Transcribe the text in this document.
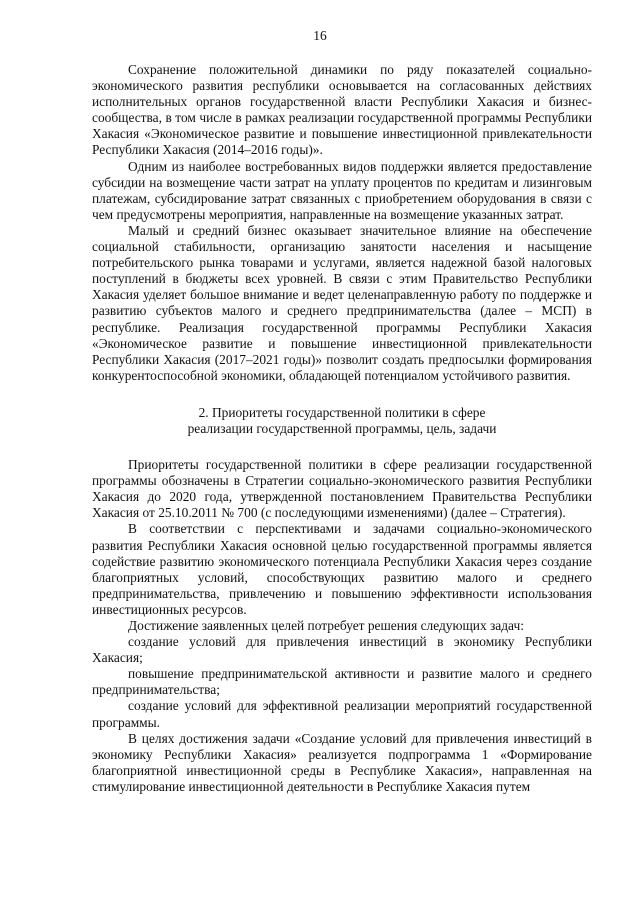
16

Сохранение положительной динамики по ряду показателей социально-экономического развития республики основывается на согласованных действиях исполнительных органов государственной власти Республики Хакасия и бизнес-сообщества, в том числе в рамках реализации государственной программы Республики Хакасия «Экономическое развитие и повышение инвестиционной привлекательности Республики Хакасия (2014–2016 годы)».

Одним из наиболее востребованных видов поддержки является предоставление субсидии на возмещение части затрат на уплату процентов по кредитам и лизинговым платежам, субсидирование затрат связанных с приобретением оборудования в связи с чем предусмотрены мероприятия, направленные на возмещение указанных затрат.

Малый и средний бизнес оказывает значительное влияние на обеспечение социальной стабильности, организацию занятости населения и насыщение потребительского рынка товарами и услугами, является надежной базой налоговых поступлений в бюджеты всех уровней. В связи с этим Правительство Республики Хакасия уделяет большое внимание и ведет целенаправленную работу по поддержке и развитию субъектов малого и среднего предпринимательства (далее – МСП) в республике. Реализация государственной программы Республики Хакасия «Экономическое развитие и повышение инвестиционной привлекательности Республики Хакасия (2017–2021 годы)» позволит создать предпосылки формирования конкурентоспособной экономики, обладающей потенциалом устойчивого развития.

2. Приоритеты государственной политики в сфере
реализации государственной программы, цель, задачи

Приоритеты государственной политики в сфере реализации государственной программы обозначены в Стратегии социально-экономического развития Республики Хакасия до 2020 года, утвержденной постановлением Правительства Республики Хакасия от 25.10.2011 № 700 (с последующими изменениями) (далее – Стратегия).

В соответствии с перспективами и задачами социально-экономического развития Республики Хакасия основной целью государственной программы является содействие развитию экономического потенциала Республики Хакасия через создание благоприятных условий, способствующих развитию малого и среднего предпринимательства, привлечению и повышению эффективности использования инвестиционных ресурсов.

Достижение заявленных целей потребует решения следующих задач:

создание условий для привлечения инвестиций в экономику Республики Хакасия;

повышение предпринимательской активности и развитие малого и среднего предпринимательства;

создание условий для эффективной реализации мероприятий государственной программы.

В целях достижения задачи «Создание условий для привлечения инвестиций в экономику Республики Хакасия» реализуется подпрограмма 1 «Формирование благоприятной инвестиционной среды в Республике Хакасия», направленная на стимулирование инвестиционной деятельности в Республике Хакасия путем
